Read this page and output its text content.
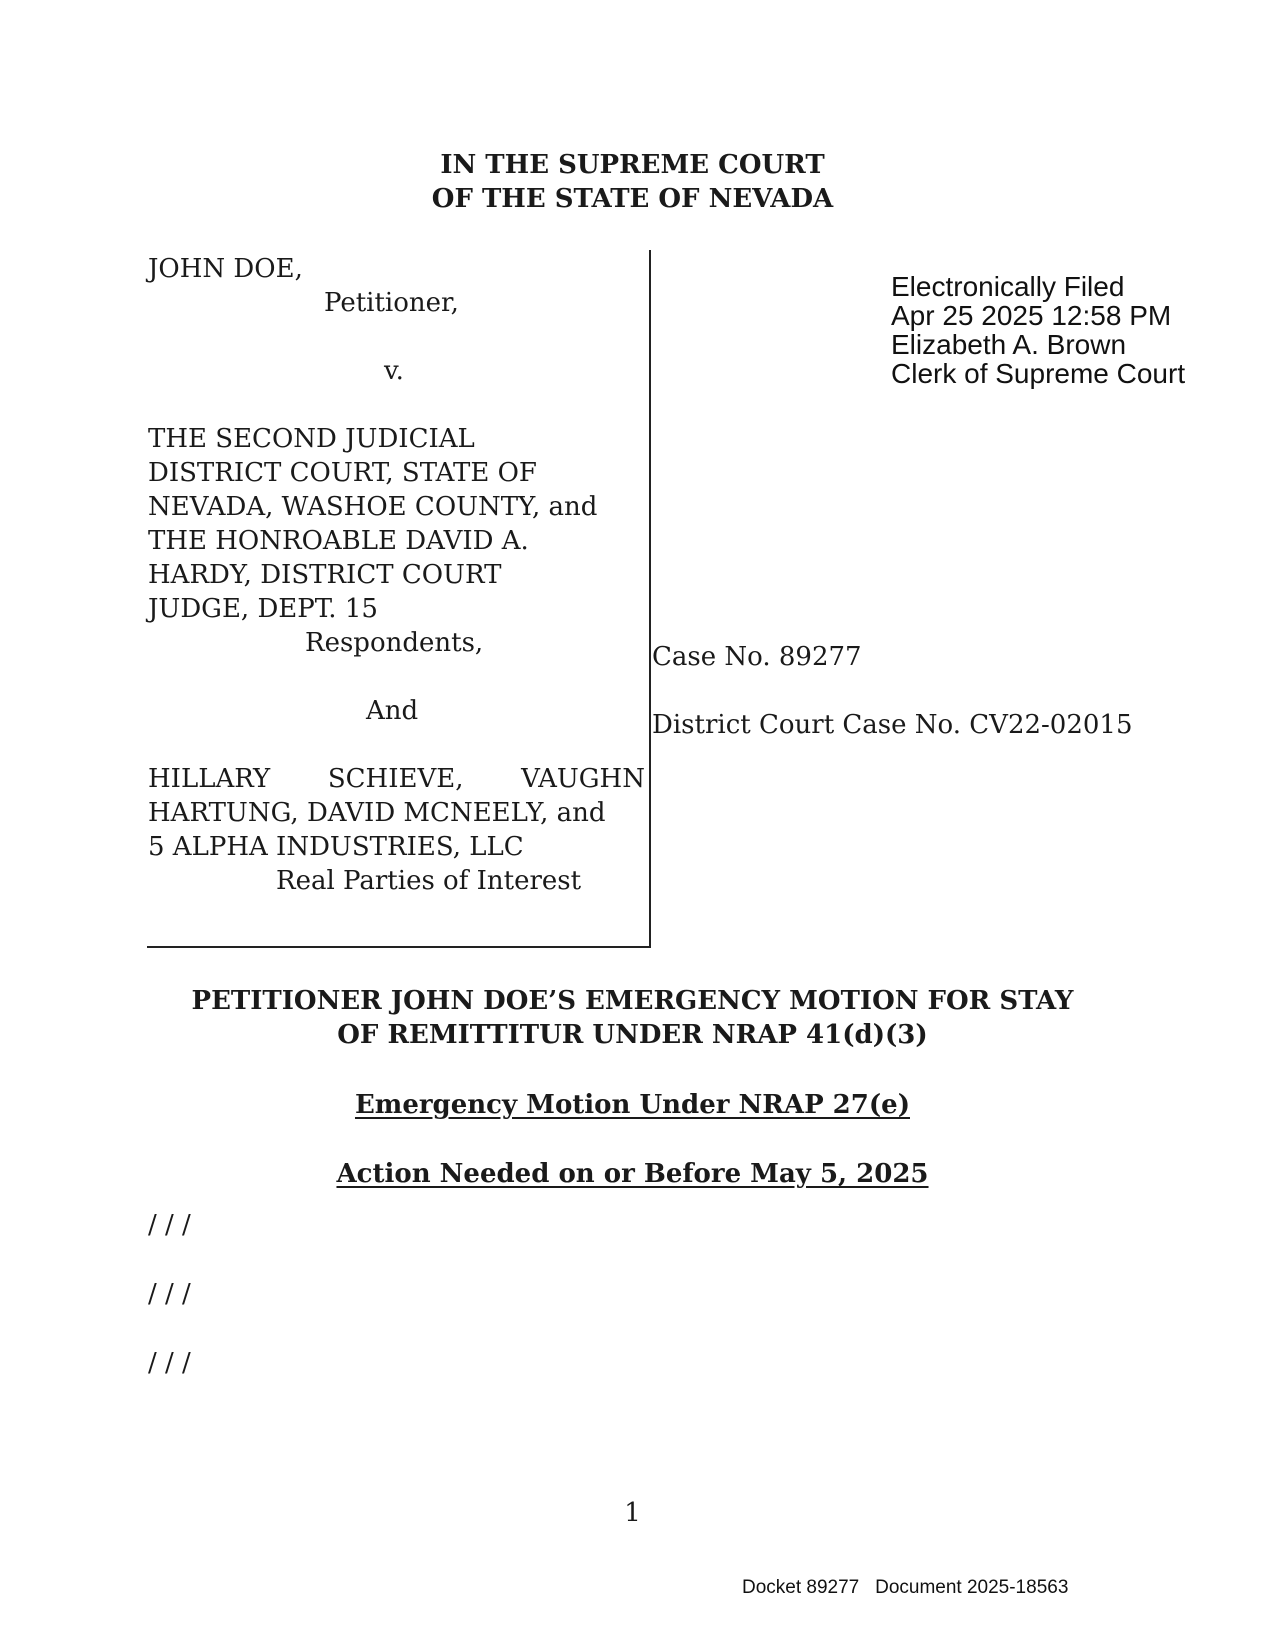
IN THE SUPREME COURT
OF THE STATE OF NEVADA
JOHN DOE,
Petitioner,
v.
THE SECOND JUDICIAL
DISTRICT COURT, STATE OF
NEVADA, WASHOE COUNTY, and
THE HONROABLE DAVID A.
HARDY, DISTRICT COURT
JUDGE, DEPT. 15
Respondents,
And
HILLARY SCHIEVE, VAUGHN
HARTUNG, DAVID MCNEELY, and
5 ALPHA INDUSTRIES, LLC
Real Parties of Interest
Case No. 89277
District Court Case No. CV22-02015
Electronically Filed
Apr 25 2025 12:58 PM
Elizabeth A. Brown
Clerk of Supreme Court
PETITIONER JOHN DOE’S EMERGENCY MOTION FOR STAY
OF REMITTITUR UNDER NRAP 41(d)(3)
Emergency Motion Under NRAP 27(e)
Action Needed on or Before May 5, 2025
/ / /
/ / /
/ / /
1
Docket 89277 Document 2025-18563
